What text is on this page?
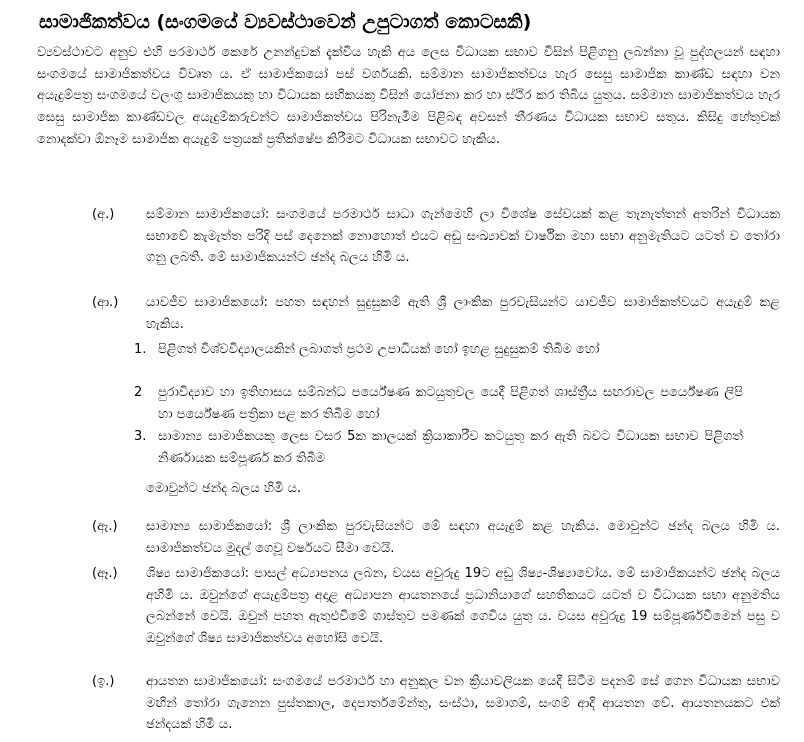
සාමාජිකත්වය (සංගමයේ ව්‍යවස්ථාවෙන් උපුටාගත් කොටසකි)

ව්‍යවස්ථාවට අනුව එහි පරමාර්ථ කෙරේ උනන්දුවක් දැක්විය හැකි අය ලෙස විධායක සභාව විසින් පිළිගනු ලබන්නා වූ පුද්ගලයන් සඳහා සංගමයේ සාමාජිකත්වය විවෘත ය. ඒ සාමාජිකයෝ පස් වර්ගයකි. සම්මාන සාමාජිකත්වය හැර සෙසු සාමාජික කාණ්ඩ සඳහා වන අයැදුම්පත්‍ර සංගමයේ වලංගු සාමාජිකයකු හා විධායක සභිකයකු විසින් යෝජනා කර හා ස්ථිර කර තිබිය යුතුය. සම්මාන සාමාජිකත්වය හැර සෙසු සාමාජික කාණ්ඩවල අයැදුම්කරුවන්ට සාමාජිකත්වය පිරිනැමීම පිළිබඳ අවසන් තීරණය විධායක සභාව සතුය. කිසිදු හේතුවක් නොදක්වා ඕනෑම සාමාජික අයැදුම් පත්‍රයක් ප්‍රතික්ෂේප කිරීමට විධායක සභාවට හැකිය.

(අ.) සම්මාන සාමාජිකයෝ: සංගමයේ පරමාර්ථ සාධා ගැන්මෙහි ලා විශේෂ සේවයක් කළ තැනැත්තන් අතරින් විධායක සභාවේ කැමැත්ත පරිදි පස් දෙනෙක් නොහොත් එයට අඩු සංඛ්‍යාවක් වාර්ෂික මහා සභා අනුමැතියට යටත් ව තෝරා ගනු ලබති. මේ සාමාජිකයන්ට ඡන්ද බලය හිමි ය.

(ආ.) යාවජීව සාමාජිකයෝ: පහත සඳහන් සුදුසුකම් ඇති ශ්‍රී ලාංකික පුරවැසියන්ට යාවජීව සාමාජිකත්වයට අයැදුම් කළ හැකිය.

1. පිළිගත් විශ්වවිද්‍යාලයකින් ලබාගත් ප්‍රථම උපාධියක් හෝ ඉහළ සුදුසුකම් තිබීම හෝ

2 පුරාවිද්‍යාව හා ඉතිහාසය සම්බන්ධ පර්යේෂණ කටයුතුවල යෙදී පිළිගත් ශාස්ත්‍රීය සඟරාවල පර්යේෂණ ලිපි හා පර්යේෂණ පත්‍රිකා පළ කර තිබීම හෝ

3. සාමාන්‍ය සාමාජිකයකු ලෙස වසර 5ක කාලයක් ක්‍රියාකාරීව කටයුතු කර ඇති බවට විධායක සභාව පිළිගත් නිර්ණායක සම්පූර්ණ කර තිබීම

මොවුන්ට ඡන්ද බලය හිමි ය.

(ඇ.) සාමාන්‍ය සාමාජිකයෝ: ශ්‍රී ලාංකික පුරවැසියන්ට මේ සඳහා අයැදුම් කළ හැකිය. මොවුන්ට ඡන්ද බලය හිමි ය. සාමාජිකත්වය මුදල් ගෙවූ වර්ෂයට සීමා වෙයි.

(ඈ.) ශිෂ්‍ය සාමාජිකයෝ: පාසල් අධ්‍යාපනය ලබන, වයස අවුරුදු 19ට අඩු ශිෂ්‍ය-ශිෂ්‍යාවෝය. මේ සාමාජිකයන්ට ඡන්ද බලය අහිමි ය. ඔවුන්ගේ අයැදුම්පත්‍ර අදාළ අධ්‍යාපන ආයතනයේ ප්‍රධානියාගේ සහතිකයට යටත් ව විධායක සභා අනුමතිය ලබන්නේ වෙයි. ඔවුන් පහත ඇතුළුවීමේ ගාස්තුව පමණක් ගෙවිය යුතු ය. වයස අවුරුදු 19 සම්පූර්ණවීමෙන් පසු ව ඔවුන්ගේ ශිෂ්‍ය සාමාජිකත්වය අහෝසි වෙයි.

(ඉ.) ආයතන සාමාජිකයෝ: සංගමයේ පරමාර්ථ හා අනුකූල වන ක්‍රියාවලියක යෙදී සිටීම පදනම් සේ ගෙන විධායක සභාව මඟින් තෝරා ගැනෙන පුස්තකාල, දෙපාර්තමේන්තු, සංස්ථා, සමාගම්, සංගම් ආදි ආයතන වේ. ආයතනයකට එක් ඡන්දයක් හිමි ය.
